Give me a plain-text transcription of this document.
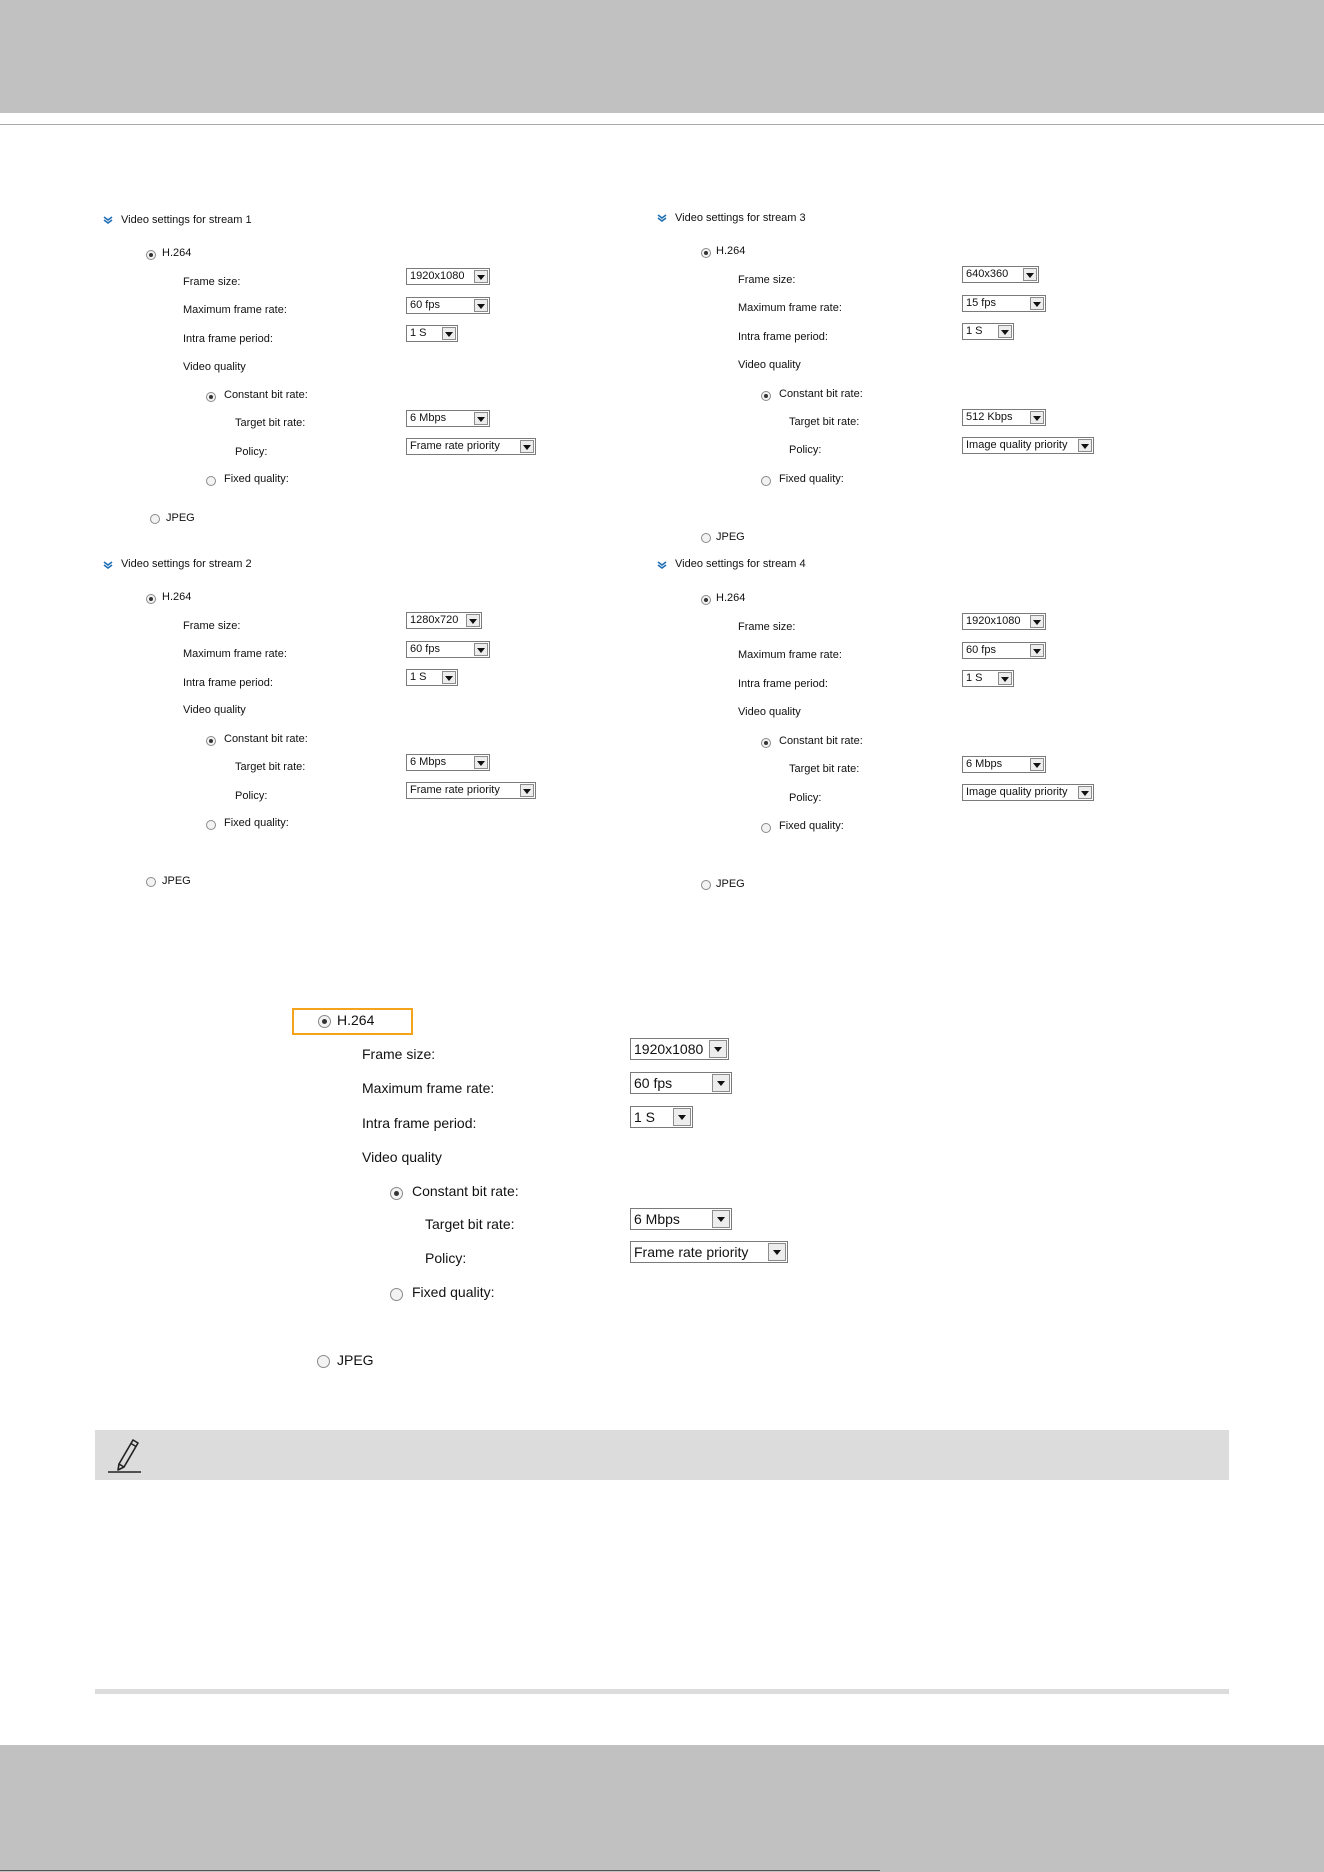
Video settings for stream 1
H.264
Frame size:	1920x1080
Maximum frame rate:	60 fps
Intra frame period:	1 S
Video quality
Constant bit rate:
Target bit rate:	6 Mbps
Policy:	Frame rate priority
Fixed quality:
JPEG
Video settings for stream 3
H.264
Frame size:	640x360
Maximum frame rate:	15 fps
Intra frame period:	1 S
Video quality
Constant bit rate:
Target bit rate:	512 Kbps
Policy:	Image quality priority
Fixed quality:
JPEG
Video settings for stream 2
H.264
Frame size:	1280x720
Maximum frame rate:	60 fps
Intra frame period:	1 S
Video quality
Constant bit rate:
Target bit rate:	6 Mbps
Policy:	Frame rate priority
Fixed quality:
JPEG
Video settings for stream 4
H.264
Frame size:	1920x1080
Maximum frame rate:	60 fps
Intra frame period:	1 S
Video quality
Constant bit rate:
Target bit rate:	6 Mbps
Policy:	Image quality priority
Fixed quality:
JPEG
H.264
Frame size:	1920x1080
Maximum frame rate:	60 fps
Intra frame period:	1 S
Video quality
Constant bit rate:
Target bit rate:	6 Mbps
Policy:	Frame rate priority
Fixed quality:
JPEG
